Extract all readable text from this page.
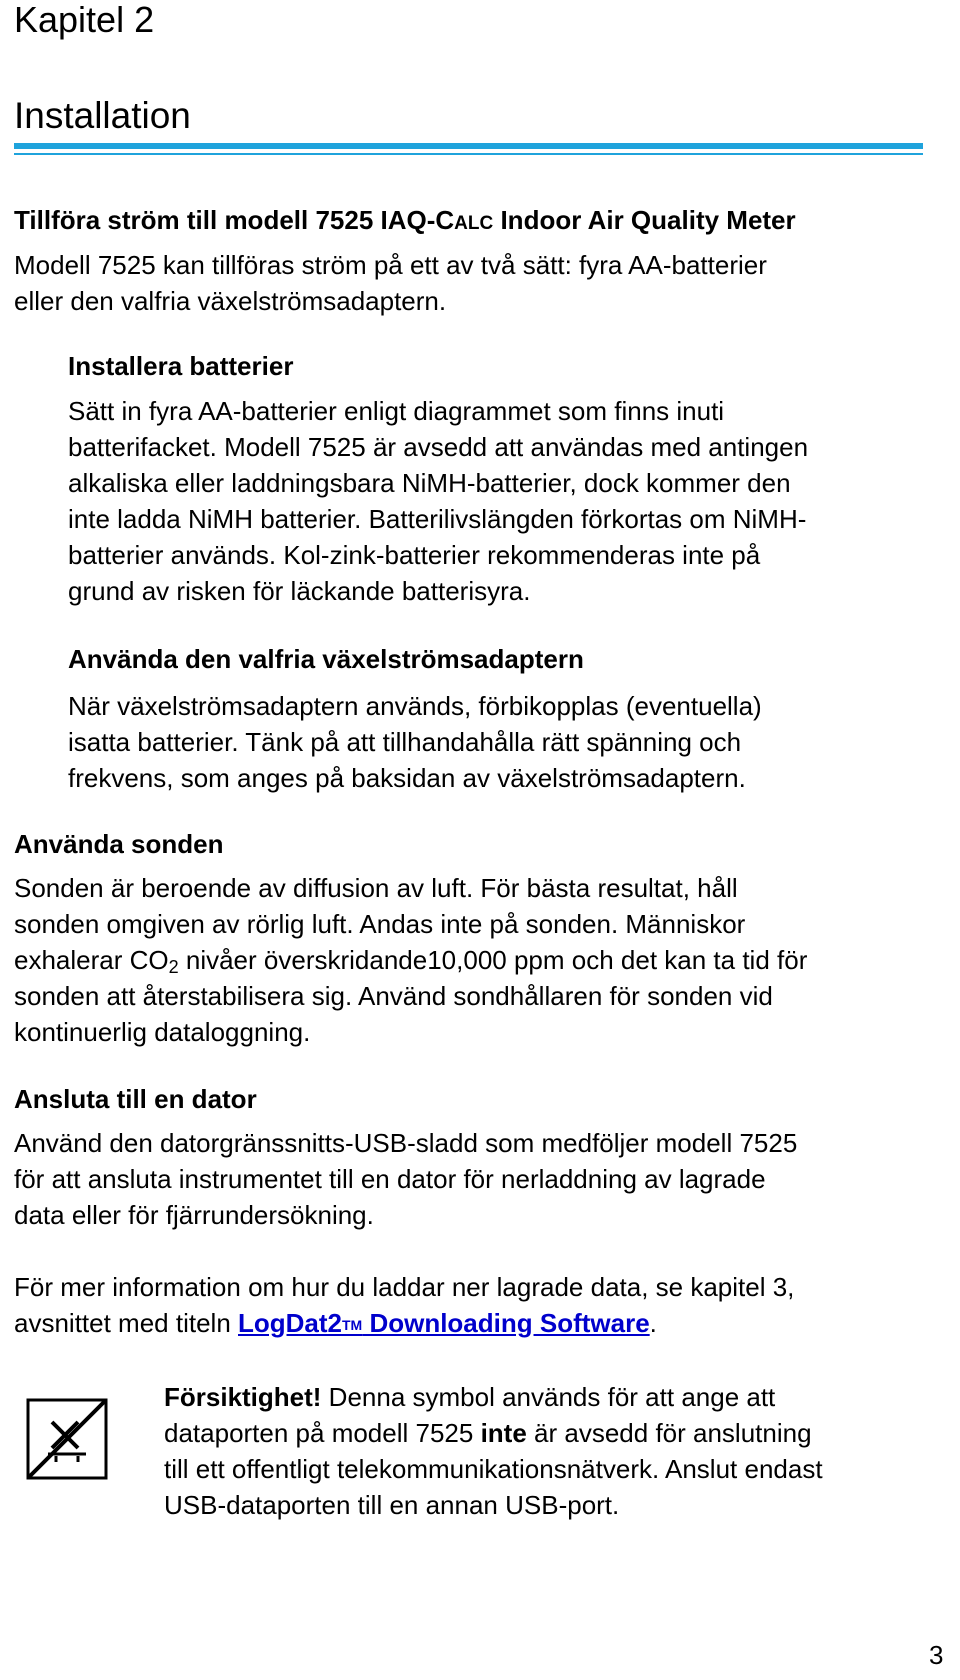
Kapitel 2
Installation
Tillföra ström till modell 7525 IAQ-CALC Indoor Air Quality Meter
Modell 7525 kan tillföras ström på ett av två sätt: fyra AA-batterier
eller den valfria växelströmsadaptern.
Installera batterier
Sätt in fyra AA-batterier enligt diagrammet som finns inuti
batterifacket. Modell 7525 är avsedd att användas med antingen
alkaliska eller laddningsbara NiMH-batterier, dock kommer den
inte ladda NiMH batterier. Batterilivslängden förkortas om NiMH-
batterier används. Kol-zink-batterier rekommenderas inte på
grund av risken för läckande batterisyra.
Använda den valfria växelströmsadaptern
När växelströmsadaptern används, förbikopplas (eventuella)
isatta batterier. Tänk på att tillhandahålla rätt spänning och
frekvens, som anges på baksidan av växelströmsadaptern.
Använda sonden
Sonden är beroende av diffusion av luft. För bästa resultat, håll
sonden omgiven av rörlig luft. Andas inte på sonden. Människor
exhalerar $CO_2$ nivåer överskridande10,000 ppm och det kan ta tid för
sonden att återstabilisera sig. Använd sondhållaren för sonden vid
kontinuerlig dataloggning.
Ansluta till en dator
Använd den datorgränssnitts-USB-sladd som medföljer modell 7525
för att ansluta instrumentet till en dator för nerladdning av lagrade
data eller för fjärrundersökning.
För mer information om hur du laddar ner lagrade data, se kapitel 3,
avsnittet med titeln LogDat2TM Downloading Software.
Försiktighet! Denna symbol används för att ange att
dataporten på modell 7525 inte är avsedd för anslutning
till ett offentligt telekommunikationsnätverk. Anslut endast
USB-dataporten till en annan USB-port.
3
